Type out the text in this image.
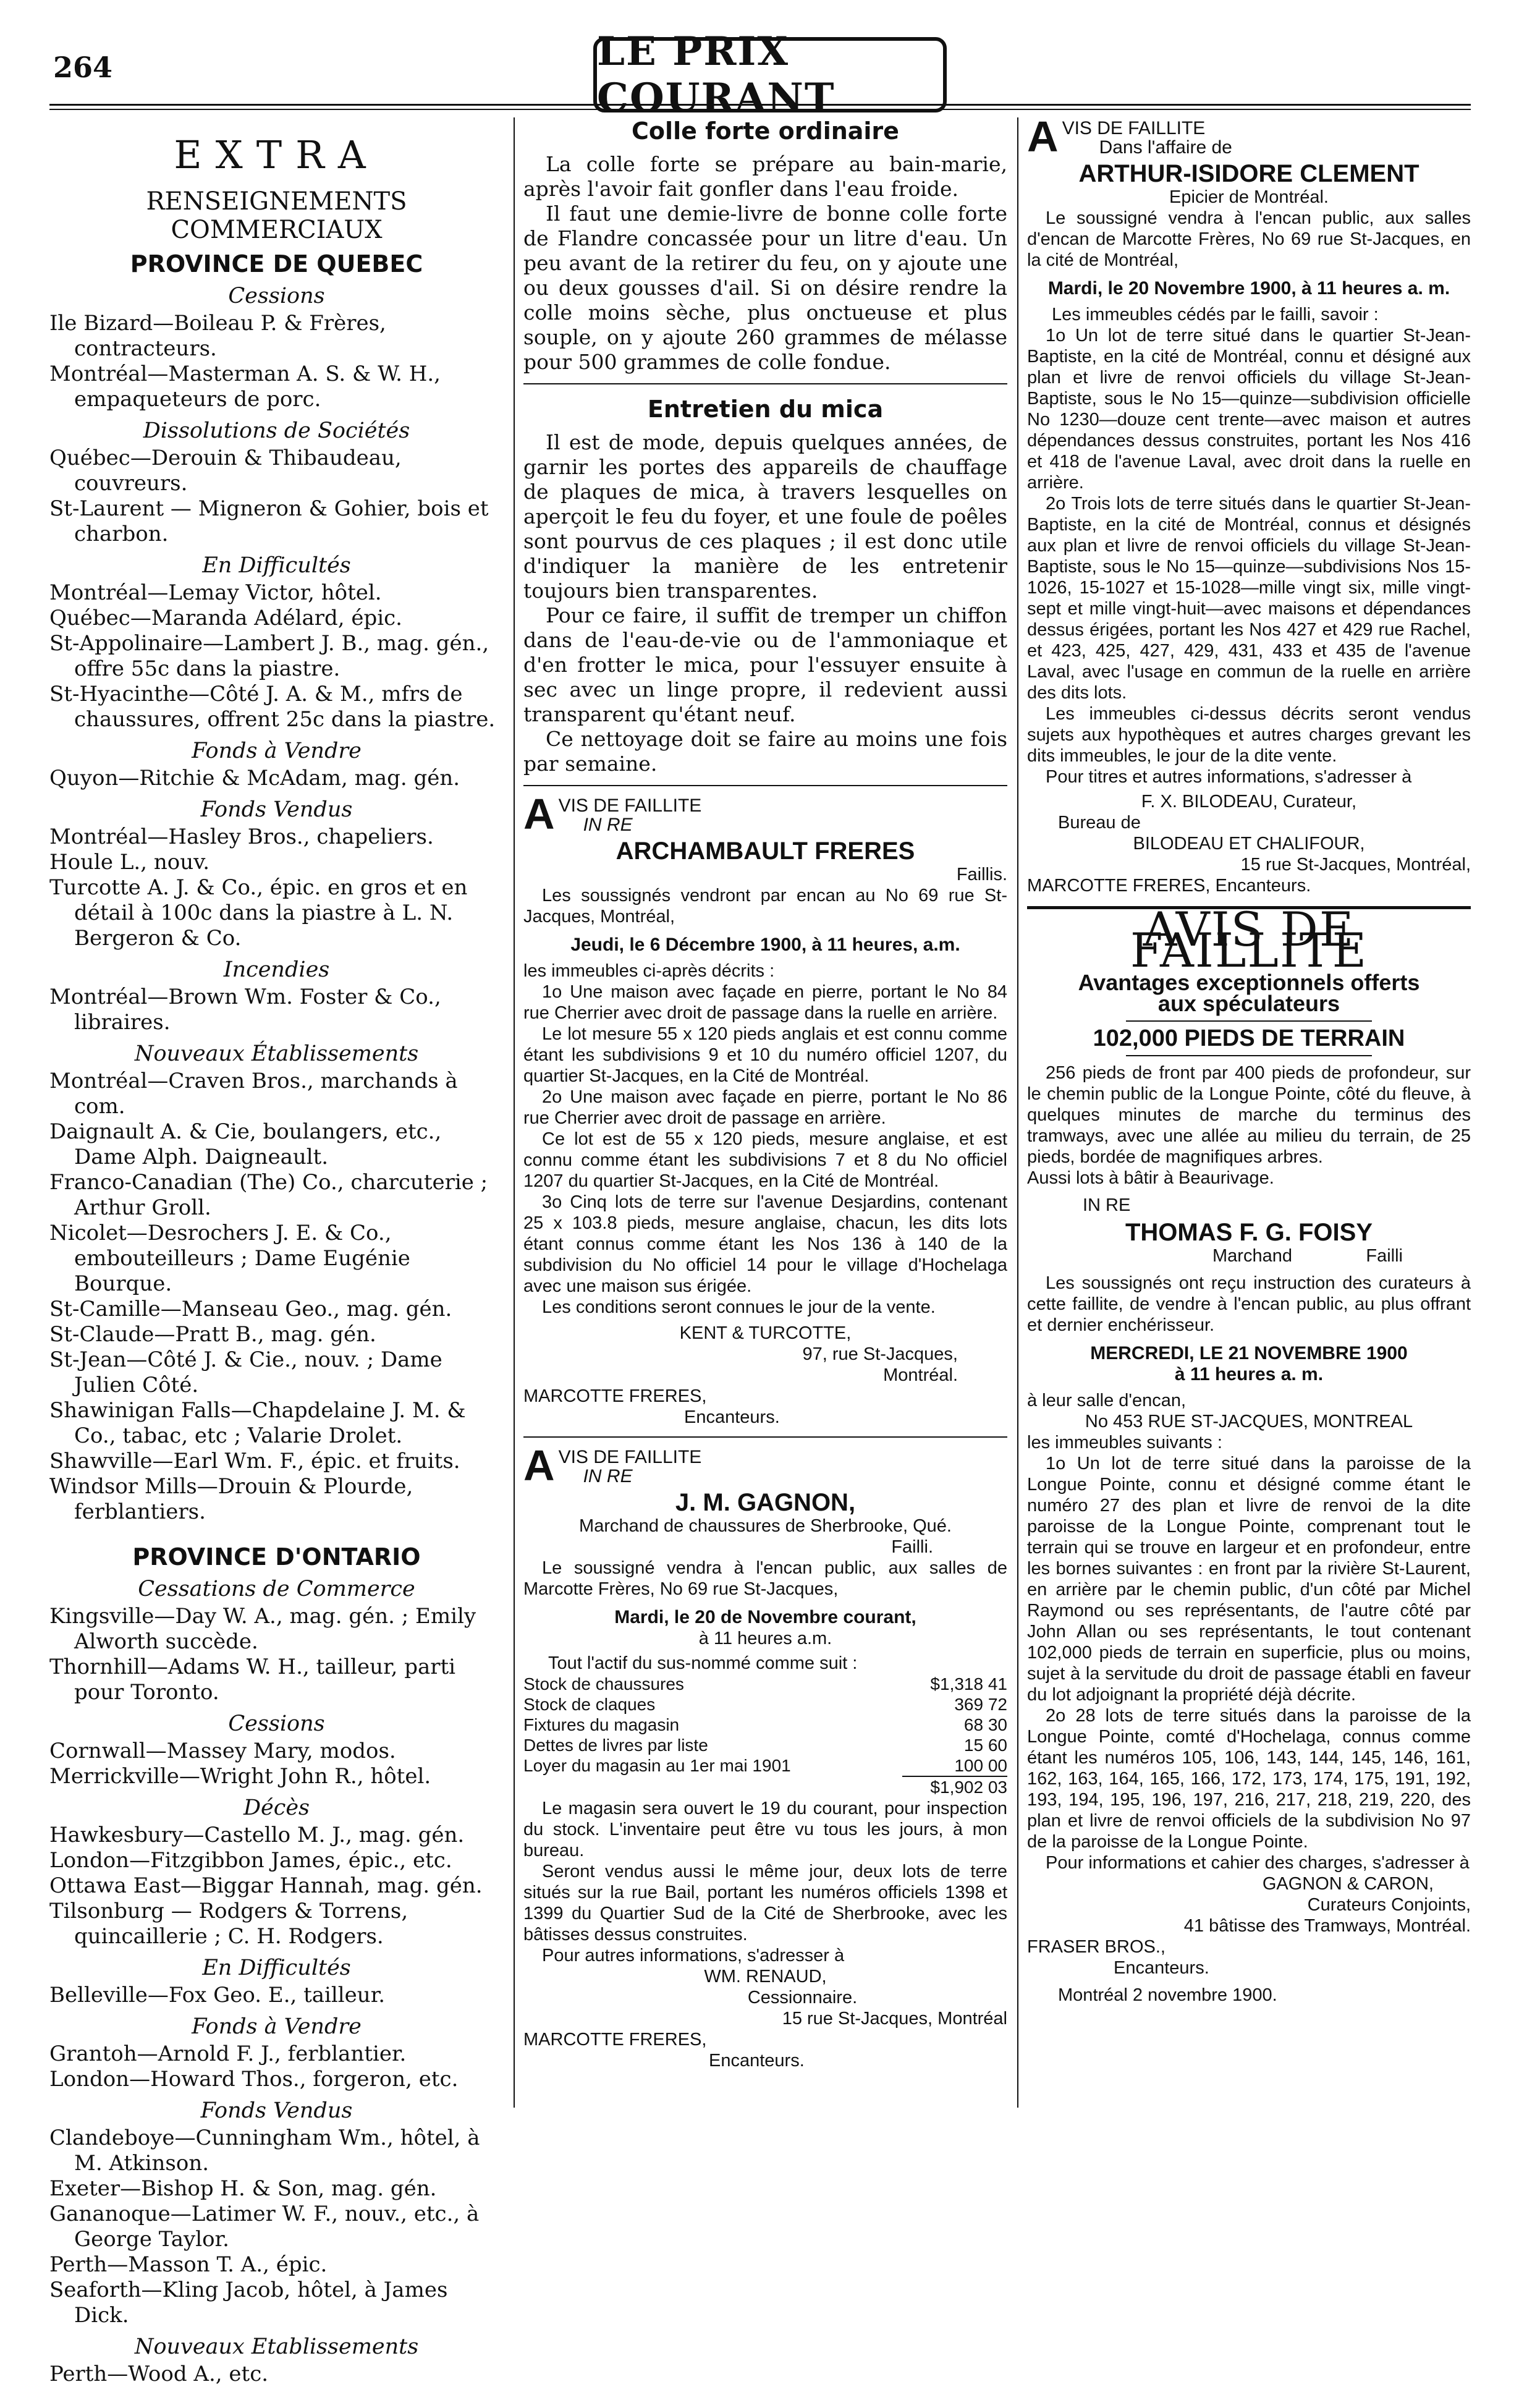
264	LE PRIX COURANT
EXTRA
RENSEIGNEMENTS COMMERCIAUX
PROVINCE DE QUEBEC
Cessions

Ile Bizard—Boileau P. & Frères, contracteurs.

Montréal—Masterman A. S. & W. H., empaqueteurs de porc.

Dissolutions de Sociétés

Québec—Derouin & Thibaudeau, couvreurs.

St-Laurent — Migneron & Gohier, bois et charbon.

En Difficultés

Montréal—Lemay Victor, hôtel.

Québec—Maranda Adélard, épic.

St-Appolinaire—Lambert J. B., mag. gén., offre 55c dans la piastre.

St-Hyacinthe—Côté J. A. & M., mfrs de chaussures, offrent 25c dans la piastre.

Fonds à Vendre

Quyon—Ritchie & McAdam, mag. gén.

Fonds Vendus

Montréal—Hasley Bros., chapeliers.

Houle L., nouv.

Turcotte A. J. & Co., épic. en gros et en détail à 100c dans la piastre à L. N. Bergeron & Co.

Incendies

Montréal—Brown Wm. Foster & Co., libraires.

Nouveaux Établissements

Montréal—Craven Bros., marchands à com.

Daignault A. & Cie, boulangers, etc., Dame Alph. Daigneault.

Franco-Canadian (The) Co., charcuterie ; Arthur Groll.

Nicolet—Desrochers J. E. & Co., embouteilleurs ; Dame Eugénie Bourque.

St-Camille—Manseau Geo., mag. gén.

St-Claude—Pratt B., mag. gén.

St-Jean—Côté J. & Cie., nouv. ; Dame Julien Côté.

Shawinigan Falls—Chapdelaine J. M. & Co., tabac, etc ; Valarie Drolet.

Shawville—Earl Wm. F., épic. et fruits.

Windsor Mills—Drouin & Plourde, ferblantiers.

PROVINCE D'ONTARIO
Cessations de Commerce

Kingsville—Day W. A., mag. gén. ; Emily Alworth succède.

Thornhill—Adams W. H., tailleur, parti pour Toronto.

Cessions

Cornwall—Massey Mary, modos.

Merrickville—Wright John R., hôtel.

Décès

Hawkesbury—Castello M. J., mag. gén.

London—Fitzgibbon James, épic., etc.

Ottawa East—Biggar Hannah, mag. gén.

Tilsonburg — Rodgers & Torrens, quincaillerie ; C. H. Rodgers.

En Difficultés

Belleville—Fox Geo. E., tailleur.

Fonds à Vendre

Grantoh—Arnold F. J., ferblantier.

London—Howard Thos., forgeron, etc.

Fonds Vendus

Clandeboye—Cunningham Wm., hôtel, à M. Atkinson.

Exeter—Bishop H. & Son, mag. gén.

Gananoque—Latimer W. F., nouv., etc., à George Taylor.

Perth—Masson T. A., épic.

Seaforth—Kling Jacob, hôtel, à James Dick.

Nouveaux Etablissements

Perth—Wood A., etc.

Colle forte ordinaire

La colle forte se prépare au bain-marie, après l'avoir fait gonfler dans l'eau froide.

Il faut une demie-livre de bonne colle forte de Flandre concassée pour un litre d'eau. Un peu avant de la retirer du feu, on y ajoute une ou deux gousses d'ail. Si on désire rendre la colle moins sèche, plus onctueuse et plus souple, on y ajoute 260 grammes de mélasse pour 500 grammes de colle fondue.

Entretien du mica

Il est de mode, depuis quelques années, de garnir les portes des appareils de chauffage de plaques de mica, à travers lesquelles on aperçoit le feu du foyer, et une foule de poêles sont pourvus de ces plaques ; il est donc utile d'indiquer la manière de les entretenir toujours bien transparentes.

Pour ce faire, il suffit de tremper un chiffon dans de l'eau-de-vie ou de l'ammoniaque et d'en frotter le mica, pour l'essuyer ensuite à sec avec un linge propre, il redevient aussi transparent qu'étant neuf.

Ce nettoyage doit se faire au moins une fois par semaine.

A VIS DE FAILLITE
IN RE
ARCHAMBAULT FRERES
Faillis.

Les soussignés vendront par encan au No 69 rue St-Jacques, Montréal,

Jeudi, le 6 Décembre 1900, à 11 heures, a.m.
les immeubles ci-après décrits :

1o Une maison avec façade en pierre, portant le No 84 rue Cherrier avec droit de passage dans la ruelle en arrière.

Le lot mesure 55 x 120 pieds anglais et est connu comme étant les subdivisions 9 et 10 du numéro officiel 1207, du quartier St-Jacques, en la Cité de Montréal.

2o Une maison avec façade en pierre, portant le No 86 rue Cherrier avec droit de passage en arrière.

Ce lot est de 55 x 120 pieds, mesure anglaise, et est connu comme étant les subdivisions 7 et 8 du No officiel 1207 du quartier St-Jacques, en la Cité de Montréal.

3o Cinq lots de terre sur l'avenue Desjardins, contenant 25 x 103.8 pieds, mesure anglaise, chacun, les dits lots étant connus comme étant les Nos 136 à 140 de la subdivision du No officiel 14 pour le village d'Hochelaga avec une maison sus érigée.

Les conditions seront connues le jour de la vente.

KENT & TURCOTTE,
97, rue St-Jacques,
Montréal.
MARCOTTE FRERES,
Encanteurs.
A VIS DE FAILLITE
IN RE
J. M. GAGNON,
Marchand de chaussures de Sherbrooke, Qué.
Failli.

Le soussigné vendra à l'encan public, aux salles de Marcotte Frères, No 69 rue St-Jacques,

Mardi, le 20 de Novembre courant,
à 11 heures a.m.
Tout l'actif du sus-nommé comme suit :
Stock de chaussures	$1,318 41
Stock de claques	369 72
Fixtures du magasin	68 30
Dettes de livres par liste	15 60
Loyer du magasin au 1er mai 1901	100 00
$1,902 03

Le magasin sera ouvert le 19 du courant, pour inspection du stock. L'inventaire peut être vu tous les jours, à mon bureau.

Seront vendus aussi le même jour, deux lots de terre situés sur la rue Bail, portant les numéros officiels 1398 et 1399 du Quartier Sud de la Cité de Sherbrooke, avec les bâtisses dessus construites.

Pour autres informations, s'adresser à

WM. RENAUD,
Cessionnaire.
15 rue St-Jacques, Montréal
MARCOTTE FRERES,
Encanteurs.
A VIS DE FAILLITE
Dans l'affaire de
ARTHUR-ISIDORE CLEMENT
Epicier de Montréal.

Le soussigné vendra à l'encan public, aux salles d'encan de Marcotte Frères, No 69 rue St-Jacques, en la cité de Montréal,

Mardi, le 20 Novembre 1900, à 11 heures a. m.
Les immeubles cédés par le failli, savoir :

1o Un lot de terre situé dans le quartier St-Jean-Baptiste, en la cité de Montréal, connu et désigné aux plan et livre de renvoi officiels du village St-Jean-Baptiste, sous le No 15—quinze—subdivision officielle No 1230—douze cent trente—avec maison et autres dépendances dessus construites, portant les Nos 416 et 418 de l'avenue Laval, avec droit dans la ruelle en arrière.

2o Trois lots de terre situés dans le quartier St-Jean-Baptiste, en la cité de Montréal, connus et désignés aux plan et livre de renvoi officiels du village St-Jean-Baptiste, sous le No 15—quinze—subdivisions Nos 15-1026, 15-1027 et 15-1028—mille vingt six, mille vingt-sept et mille vingt-huit—avec maisons et dépendances dessus érigées, portant les Nos 427 et 429 rue Rachel, et 423, 425, 427, 429, 431, 433 et 435 de l'avenue Laval, avec l'usage en commun de la ruelle en arrière des dits lots.

Les immeubles ci-dessus décrits seront vendus sujets aux hypothèques et autres charges grevant les dits immeubles, le jour de la dite vente.

Pour titres et autres informations, s'adresser à

F. X. BILODEAU, Curateur,
Bureau de
BILODEAU ET CHALIFOUR,
15 rue St-Jacques, Montréal,
MARCOTTE FRERES, Encanteurs.
AVIS DE FAILLITE
Avantages exceptionnels offerts
aux spéculateurs
102,000 PIEDS DE TERRAIN

256 pieds de front par 400 pieds de profondeur, sur le chemin public de la Longue Pointe, côté du fleuve, à quelques minutes de marche du terminus des tramways, avec une allée au milieu du terrain, de 25 pieds, bordée de magnifiques arbres.

Aussi lots à bâtir à Beaurivage.
IN RE
THOMAS F. G. FOISY
Marchand	Failli

Les soussignés ont reçu instruction des curateurs à cette faillite, de vendre à l'encan public, au plus offrant et dernier enchérisseur.

MERCREDI, LE 21 NOVEMBRE 1900
à 11 heures a. m.
à leur salle d'encan,
No 453 RUE ST-JACQUES, MONTREAL
les immeubles suivants :

1o Un lot de terre situé dans la paroisse de la Longue Pointe, connu et désigné comme étant le numéro 27 des plan et livre de renvoi de la dite paroisse de la Longue Pointe, comprenant tout le terrain qui se trouve en largeur et en profondeur, entre les bornes suivantes : en front par la rivière St-Laurent, en arrière par le chemin public, d'un côté par Michel Raymond ou ses représentants, de l'autre côté par John Allan ou ses représentants, le tout contenant 102,000 pieds de terrain en superficie, plus ou moins, sujet à la servitude du droit de passage établi en faveur du lot adjoignant la propriété déjà décrite.

2o 28 lots de terre situés dans la paroisse de la Longue Pointe, comté d'Hochelaga, connus comme étant les numéros 105, 106, 143, 144, 145, 146, 161, 162, 163, 164, 165, 166, 172, 173, 174, 175, 191, 192, 193, 194, 195, 196, 197, 216, 217, 218, 219, 220, des plan et livre de renvoi officiels de la subdivision No 97 de la paroisse de la Longue Pointe.

Pour informations et cahier des charges, s'adresser à

GAGNON & CARON,
Curateurs Conjoints,
41 bâtisse des Tramways, Montréal.
FRASER BROS.,
Encanteurs.
Montréal 2 novembre 1900.
